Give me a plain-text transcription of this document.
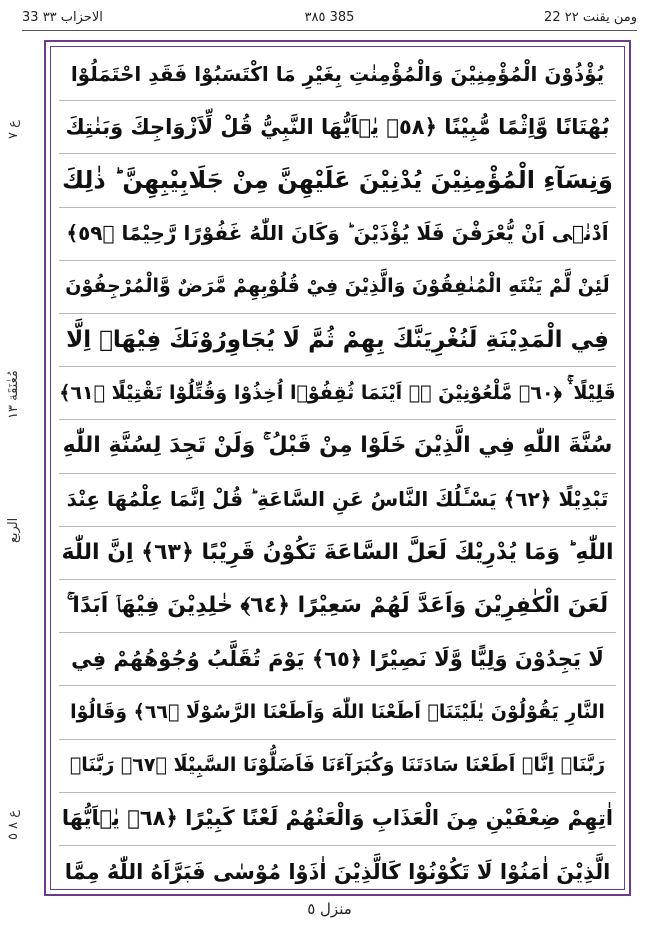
33 الاحزاب ٣٣	٣٨٥ 385	22 ومن يقنت ٢٢
ع ٧
مُعٰنَقَة ١٣
الربع
ع ٨ ٥
يُؤْذُوْنَ الْمُؤْمِنِيْنَ وَالْمُؤْمِنٰتِ بِغَيْرِ مَا اكْتَسَبُوْا فَقَدِ احْتَمَلُوْا
بُهْتَانًا وَّاِثْمًا مُّبِيْنًا ﴿٥٨﴾ يٰۤاَيُّهَا النَّبِيُّ قُلْ لِّاَزْوَاجِكَ وَبَنٰتِكَ
وَنِسَآءِ الْمُؤْمِنِيْنَ يُدْنِيْنَ عَلَيْهِنَّ مِنْ جَلَابِيْبِهِنَّ ؕ ذٰلِكَ
اَدْنٰۤى اَنْ يُّعْرَفْنَ فَلَا يُؤْذَيْنَ ؕ وَكَانَ اللّٰهُ غَفُوْرًا رَّحِيْمًا ﴿٥٩﴾
لَئِنْ لَّمْ يَنْتَهِ الْمُنٰفِقُوْنَ وَالَّذِيْنَ فِيْ قُلُوْبِهِمْ مَّرَضٌ وَّالْمُرْجِفُوْنَ
فِي الْمَدِيْنَةِ لَنُغْرِيَنَّكَ بِهِمْ ثُمَّ لَا يُجَاوِرُوْنَكَ فِيْهَاۤ اِلَّا
قَلِيْلًا ۛۚ ﴿٦٠﴾ مَّلْعُوْنِيْنَ ۛۚ اَيْنَمَا ثُقِفُوْۤا اُخِذُوْا وَقُتِّلُوْا تَقْتِيْلًا ﴿٦١﴾
سُنَّةَ اللّٰهِ فِي الَّذِيْنَ خَلَوْا مِنْ قَبْلُ ۚ وَلَنْ تَجِدَ لِسُنَّةِ اللّٰهِ
تَبْدِيْلًا ﴿٦٢﴾ يَسْـَٔلُكَ النَّاسُ عَنِ السَّاعَةِ ؕ قُلْ اِنَّمَا عِلْمُهَا عِنْدَ
اللّٰهِ ؕ وَمَا يُدْرِيْكَ لَعَلَّ السَّاعَةَ تَكُوْنُ قَرِيْبًا ﴿٦٣﴾ اِنَّ اللّٰهَ
لَعَنَ الْكٰفِرِيْنَ وَاَعَدَّ لَهُمْ سَعِيْرًا ﴿٦٤﴾ خٰلِدِيْنَ فِيْهَاۤ اَبَدًا ۚ
لَا يَجِدُوْنَ وَلِيًّا وَّلَا نَصِيْرًا ﴿٦٥﴾ يَوْمَ تُقَلَّبُ وُجُوْهُهُمْ فِي
النَّارِ يَقُوْلُوْنَ يٰلَيْتَنَاۤ اَطَعْنَا اللّٰهَ وَاَطَعْنَا الرَّسُوْلَا ﴿٦٦﴾ وَقَالُوْا
رَبَّنَاۤ اِنَّاۤ اَطَعْنَا سَادَتَنَا وَكُبَرَآءَنَا فَاَضَلُّوْنَا السَّبِيْلَا ﴿٦٧﴾ رَبَّنَاۤ
اٰتِهِمْ ضِعْفَيْنِ مِنَ الْعَذَابِ وَالْعَنْهُمْ لَعْنًا كَبِيْرًا ﴿٦٨﴾ يٰۤاَيُّهَا
الَّذِيْنَ اٰمَنُوْا لَا تَكُوْنُوْا كَالَّذِيْنَ اٰذَوْا مُوْسٰى فَبَرَّاَهُ اللّٰهُ مِمَّا
منزل ٥
